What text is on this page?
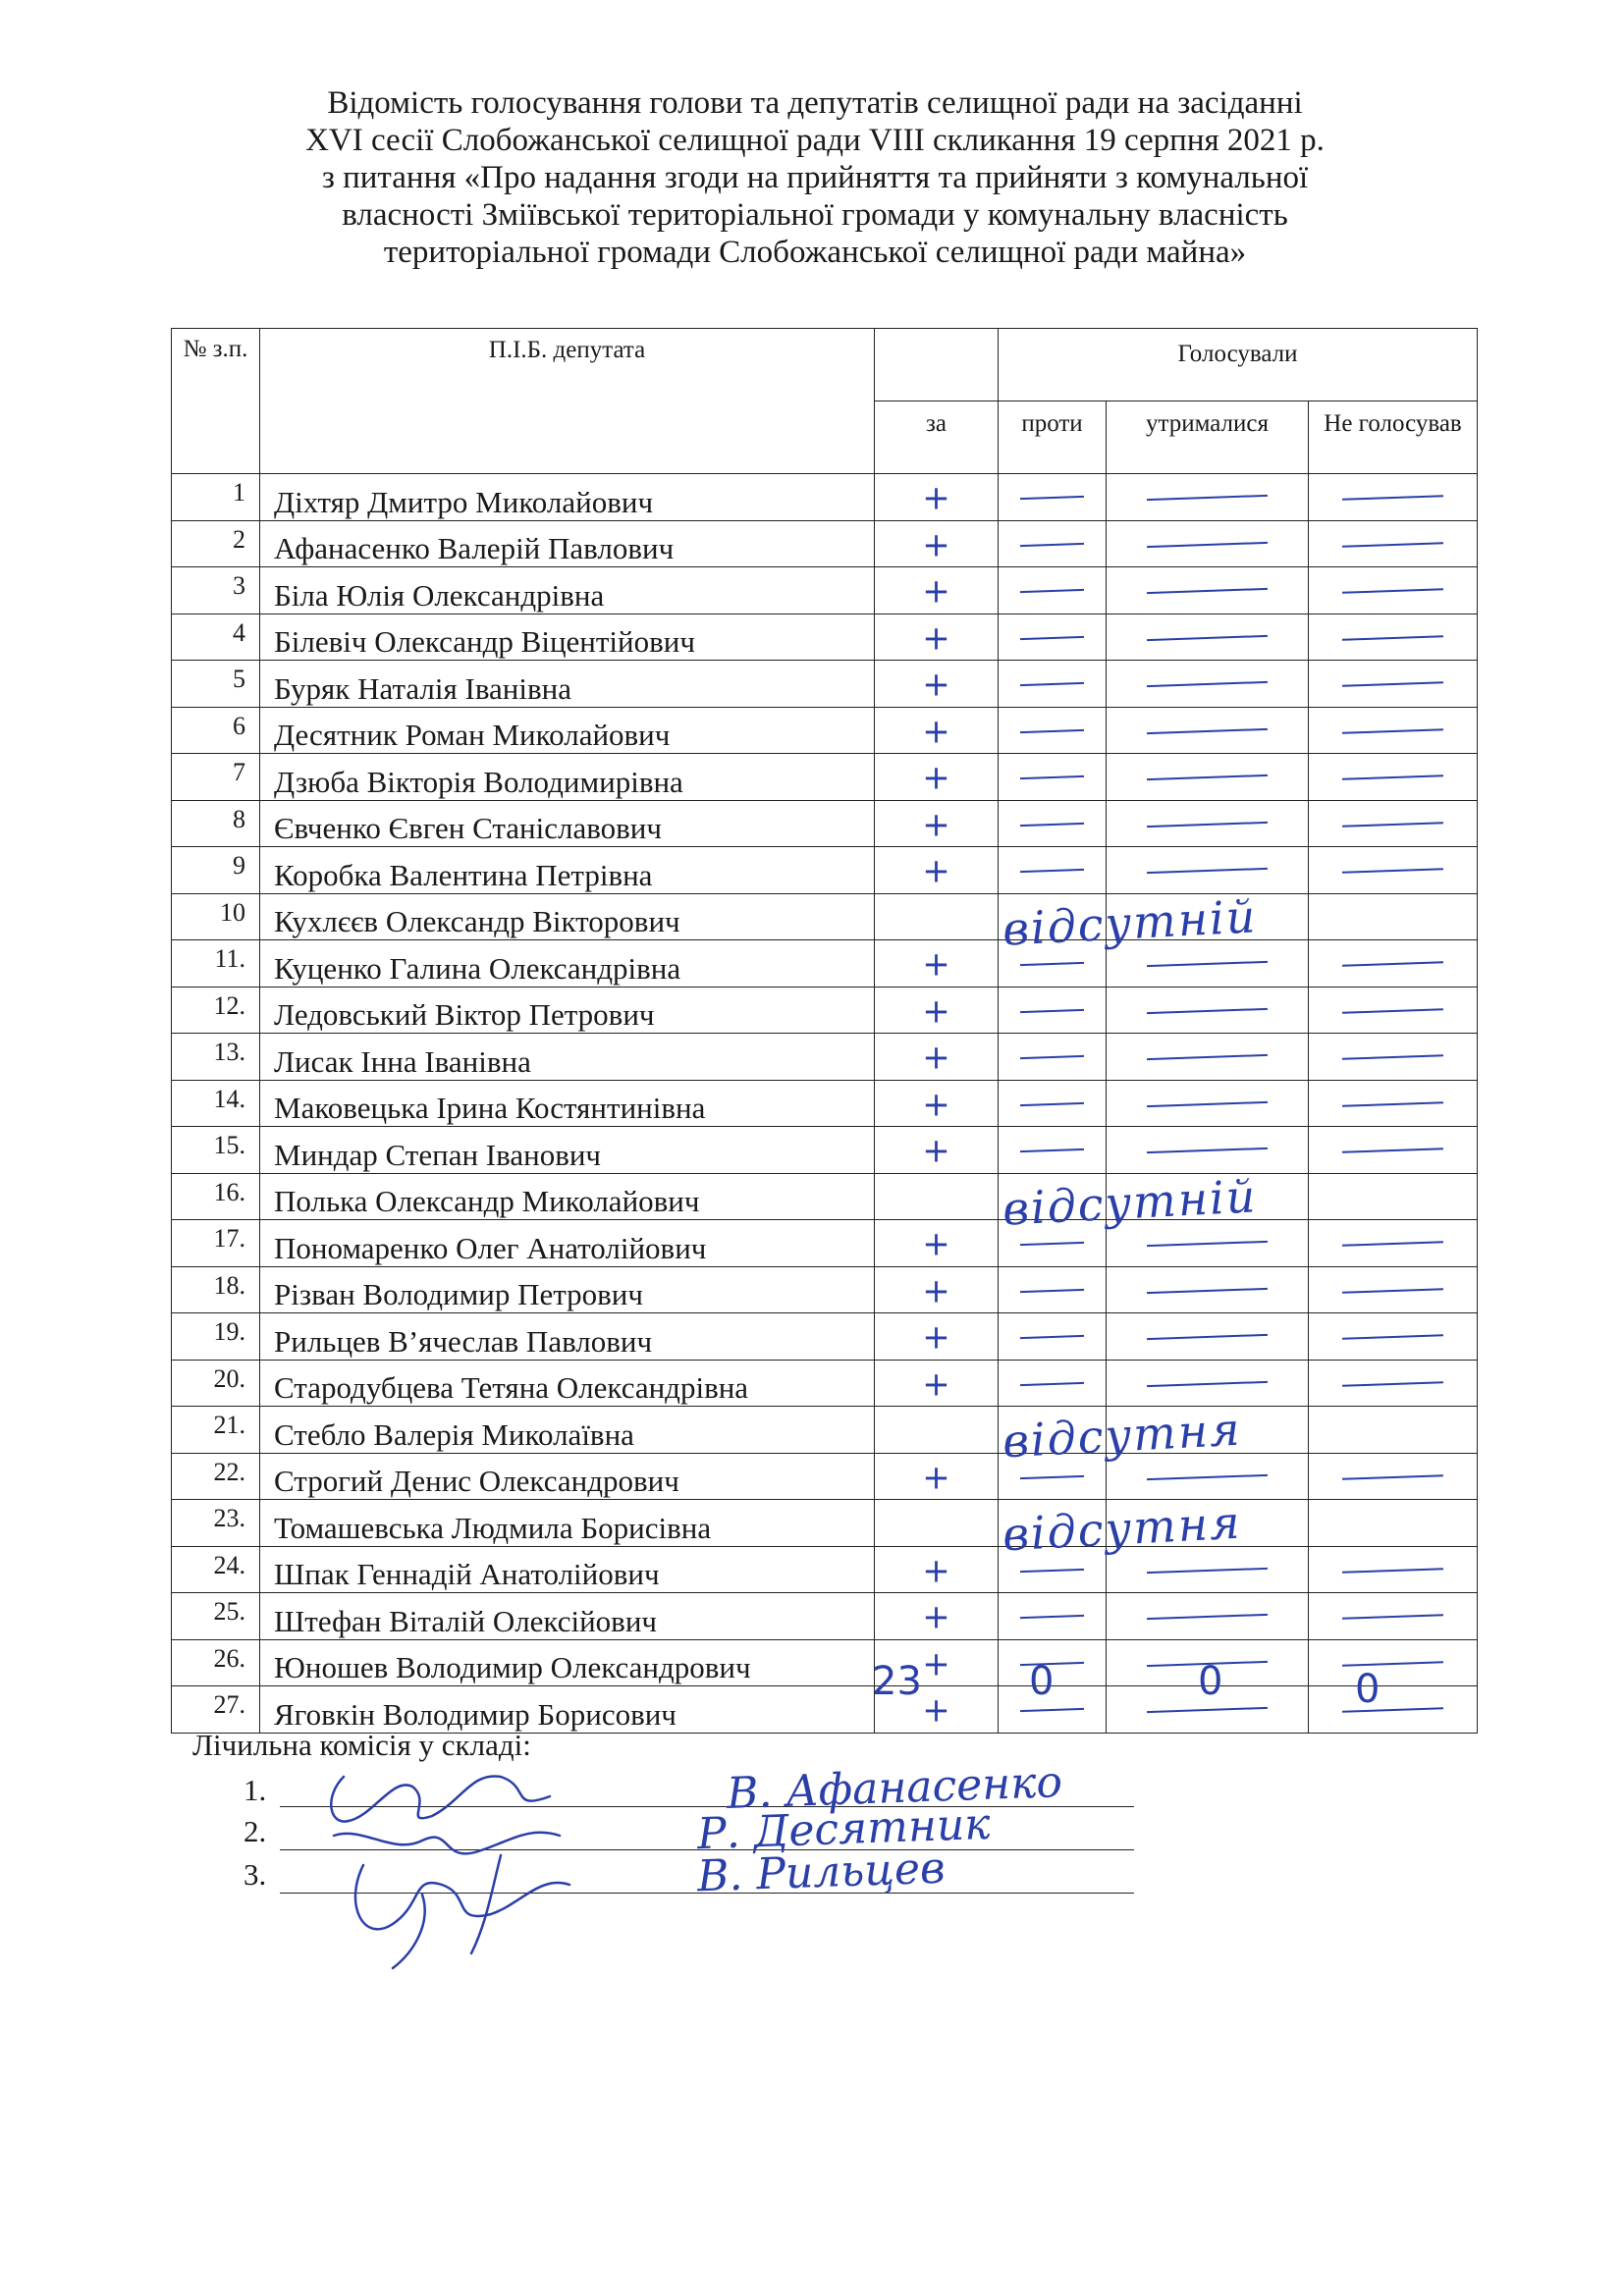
Відомість голосування голови та депутатів селищної ради на засіданні
XVI сесії Слобожанської селищної ради VIII скликання 19 серпня 2021 р.
з питання «Про надання згоди на прийняття та прийняти з комунальної
власності Зміївської територіальної громади у комунальну власність
територіальної громади Слобожанської селищної ради майна»
№ з.п.	П.І.Б. депутата		Голосували		
		за	проти	утрималися	Не голосував
1	Діхтяр Дмитро Миколайович	+			

2	Афанасенко Валерій Павлович	+			

3	Біла Юлія Олександрівна	+			

4	Білевіч Олександр Віцентійович	+			

5	Буряк Наталія Іванівна	+			

6	Десятник Роман Миколайович	+			

7	Дзюба Вікторія Володимирівна	+			

8	Євченко Євген Станіславович	+			

9	Коробка Валентина Петрівна	+			

10	Кухлєєв Олександр Вікторович	відсутній			

11.	Куценко Галина Олександрівна	+			

12.	Ледовський Віктор Петрович	+			

13.	Лисак Інна Іванівна	+			

14.	Маковецька Ірина Костянтинівна	+			

15.	Миндар Степан Іванович	+			

16.	Полька Олександр Миколайович	відсутній			

17.	Пономаренко Олег Анатолійович	+			

18.	Різван Володимир Петрович	+			

19.	Рильцев В’ячеслав Павлович	+			

20.	Стародубцева Тетяна Олександрівна	+			

21.	Стебло Валерія Миколаївна	відсутня			

22.	Строгий Денис Олександрович	+			

23.	Томашевська Людмила Борисівна	відсутня			

24.	Шпак Геннадій Анатолійович	+			

25.	Штефан Віталій Олексійович	+			

26.	Юношев Володимир Олександрович	+			

27.	Яговкін Володимир Борисович	+			

23	0	0	0
Лічильна комісія у складі:
1.	В. Афанасенко
2.	Р. Десятник
3.	В. Рильцев
